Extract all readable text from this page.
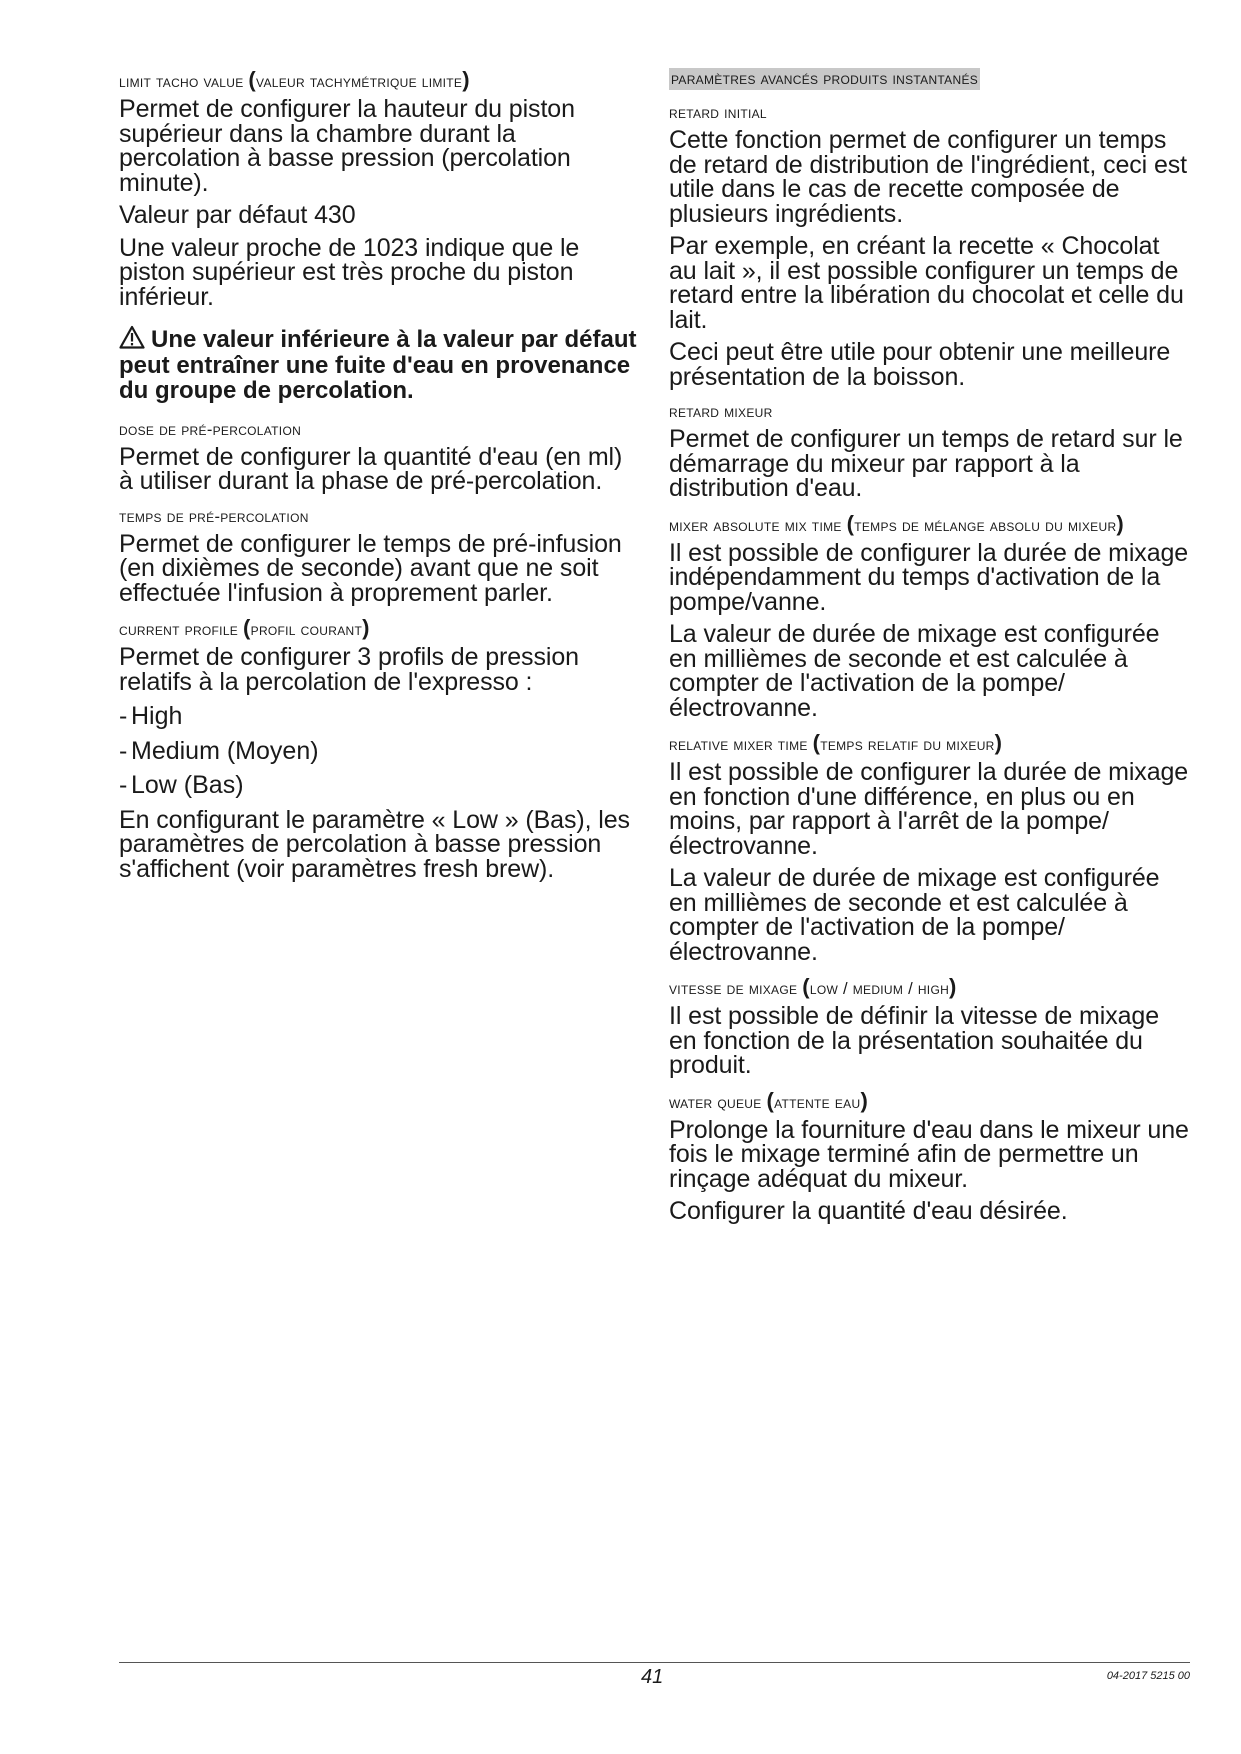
limit tacho value (valeur tachymétrique limite)

Permet de configurer la hauteur du piston supérieur dans la chambre durant la percolation à basse pression (percolation minute).

Valeur par défaut 430

Une valeur proche de 1023 indique que le piston supérieur est très proche du piston inférieur.

Une valeur inférieure à la valeur par défaut peut entraîner une fuite d'eau en provenance du groupe de percolation.

dose de pré-percolation

Permet de configurer la quantité d'eau (en ml) à utiliser durant la phase de pré-percolation.

temps de pré-percolation

Permet de configurer le temps de pré-infusion (en dixièmes de seconde) avant que ne soit effectuée l'infusion à proprement parler.

current profile (profil courant)

Permet de configurer 3 profils de pression relatifs à la percolation de l'expresso :

- High
- Medium (Moyen)
- Low (Bas)

En configurant le paramètre « Low » (Bas), les paramètres de percolation à basse pression s'affichent (voir paramètres fresh brew).

paramètres avancés produits instantanés
retard initial

Cette fonction permet de configurer un temps de retard de distribution de l'ingrédient, ceci est utile dans le cas de recette composée de plusieurs ingrédients.

Par exemple, en créant la recette « Chocolat au lait », il est possible configurer un temps de retard entre la libération du chocolat et celle du lait.

Ceci peut être utile pour obtenir une meilleure présentation de la boisson.

retard mixeur

Permet de configurer un temps de retard sur le démarrage du mixeur par rapport à la distribution d'eau.

mixer absolute mix time (temps de mélange absolu du mixeur)

Il est possible de configurer la durée de mixage indépendamment du temps d'activation de la pompe/vanne.

La valeur de durée de mixage est configurée en millièmes de seconde et est calculée à compter de l'activation de la pompe/électrovanne.

relative mixer time (temps relatif du mixeur)

Il est possible de configurer la durée de mixage en fonction d'une différence, en plus ou en moins, par rapport à l'arrêt de la pompe/électrovanne.

La valeur de durée de mixage est configurée en millièmes de seconde et est calculée à compter de l'activation de la pompe/électrovanne.

vitesse de mixage (low / medium / high)

Il est possible de définir la vitesse de mixage en fonction de la présentation souhaitée du produit.

water queue (attente eau)

Prolonge la fourniture d'eau dans le mixeur une fois le mixage terminé afin de permettre un rinçage adéquat du mixeur.

Configurer la quantité d'eau désirée.

41	04-2017 5215 00
